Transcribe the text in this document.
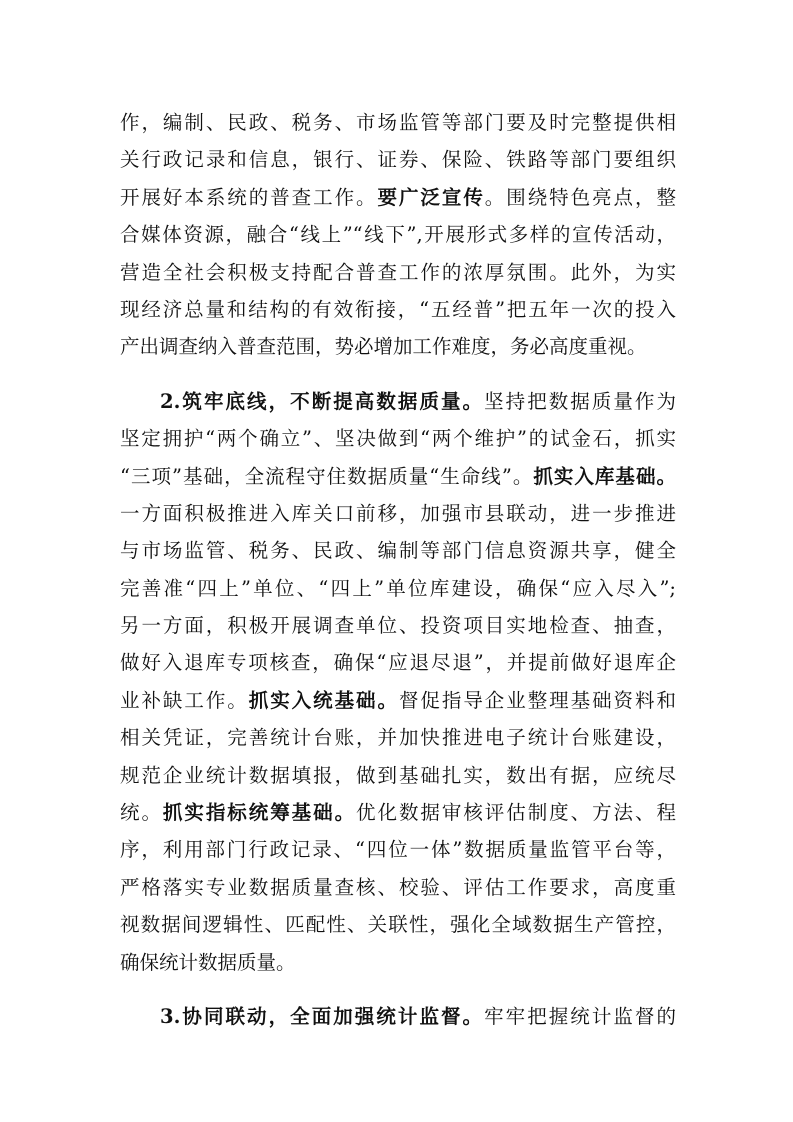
作，编制、民政、税务、市场监管等部门要及时完整提供相
关行政记录和信息，银行、证券、保险、铁路等部门要组织
开展好本系统的普查工作。要广泛宣传。围绕特色亮点，整
合媒体资源，融合“线上”“线下”,开展形式多样的宣传活动，
营造全社会积极支持配合普查工作的浓厚氛围。此外，为实
现经济总量和结构的有效衔接，“五经普”把五年一次的投入
产出调查纳入普查范围，势必增加工作难度，务必高度重视。
2.筑牢底线，不断提高数据质量。坚持把数据质量作为
坚定拥护“两个确立”、坚决做到“两个维护”的试金石，抓实
“三项”基础，全流程守住数据质量“生命线”。抓实入库基础。
一方面积极推进入库关口前移，加强市县联动，进一步推进
与市场监管、税务、民政、编制等部门信息资源共享，健全
完善准“四上”单位、“四上”单位库建设，确保“应入尽入”;
另一方面，积极开展调查单位、投资项目实地检查、抽查，
做好入退库专项核查，确保“应退尽退”，并提前做好退库企
业补缺工作。抓实入统基础。督促指导企业整理基础资料和
相关凭证，完善统计台账，并加快推进电子统计台账建设，
规范企业统计数据填报，做到基础扎实，数出有据，应统尽
统。抓实指标统筹基础。优化数据审核评估制度、方法、程
序，利用部门行政记录、“四位一体”数据质量监管平台等，
严格落实专业数据质量查核、校验、评估工作要求，高度重
视数据间逻辑性、匹配性、关联性，强化全域数据生产管控，
确保统计数据质量。
3.协同联动，全面加强统计监督。牢牢把握统计监督的
